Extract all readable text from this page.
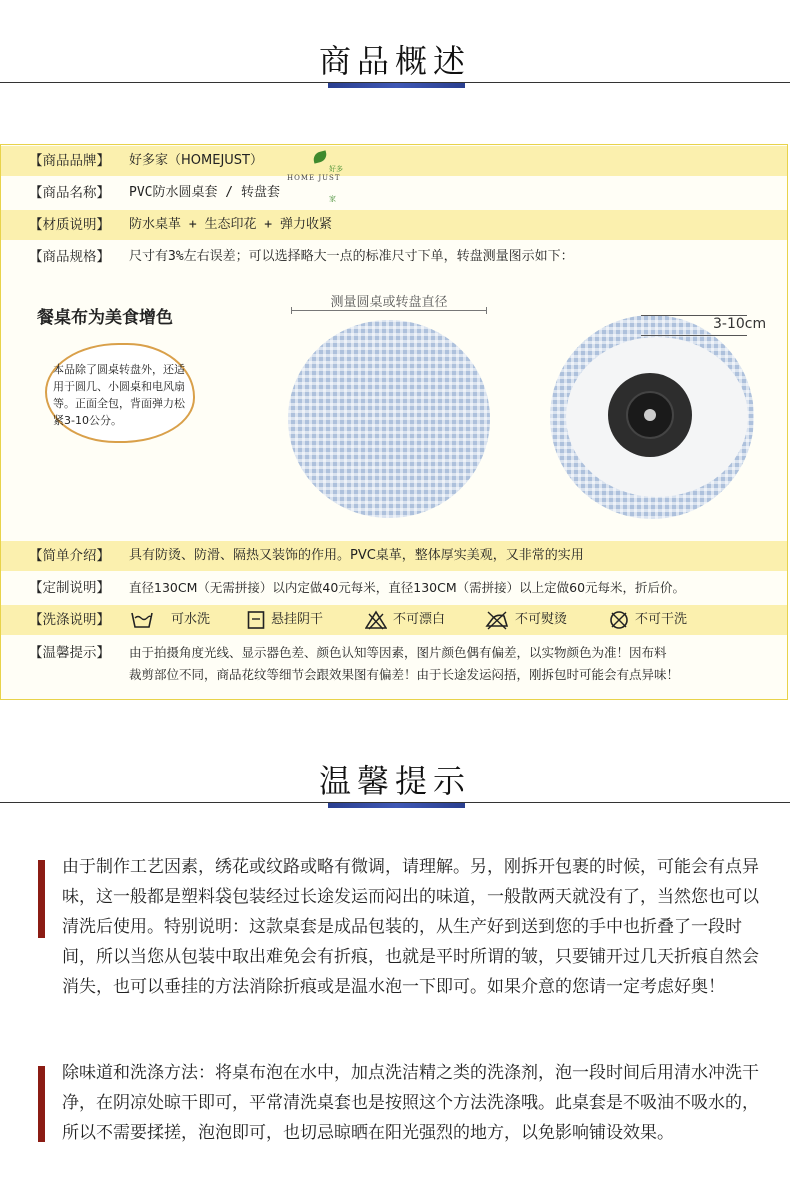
商品概述
【商品品牌】 好多家（HOMEJUST）
HOME JUST
好多家
【商品名称】 PVC防水圆桌套 / 转盘套
【材质说明】 防水桌革 + 生态印花 + 弹力收紧
【商品规格】 尺寸有3%左右误差；可以选择略大一点的标准尺寸下单，转盘测量图示如下：
餐桌布为美食增色
本品除了圆桌转盘外，还适用于圆几、小圆桌和电风扇等。正面全包，背面弹力松紧3-10公分。
测量圆桌或转盘直径
3-10cm
【简单介绍】 具有防烫、防滑、隔热又装饰的作用。PVC桌革，整体厚实美观，又非常的实用
【定制说明】 直径130CM（无需拼接）以内定做40元每米，直径130CM（需拼接）以上定做60元每米，折后价。
【洗涤说明】	可水洗	悬挂阴干	不可漂白	不可熨烫	不可干洗
【温馨提示】 由于拍摄角度光线、显示器色差、颜色认知等因素，图片颜色偶有偏差，以实物颜色为准！因布料
裁剪部位不同，商品花纹等细节会跟效果图有偏差！由于长途发运闷捂，刚拆包时可能会有点异味！
温馨提示
由于制作工艺因素，绣花或纹路或略有微调，请理解。另，刚拆开包裹的时候，可能会有点异味，这一般都是塑料袋包装经过长途发运而闷出的味道，一般散两天就没有了，当然您也可以清洗后使用。特别说明：这款桌套是成品包装的，从生产好到送到您的手中也折叠了一段时间，所以当您从包装中取出难免会有折痕，也就是平时所谓的皱，只要铺开过几天折痕自然会消失，也可以垂挂的方法消除折痕或是温水泡一下即可。如果介意的您请一定考虑好奥！
除味道和洗涤方法：将桌布泡在水中，加点洗洁精之类的洗涤剂，泡一段时间后用清水冲洗干净，在阴凉处晾干即可，平常清洗桌套也是按照这个方法洗涤哦。此桌套是不吸油不吸水的，所以不需要揉搓，泡泡即可，也切忌晾晒在阳光强烈的地方，以免影响铺设效果。
